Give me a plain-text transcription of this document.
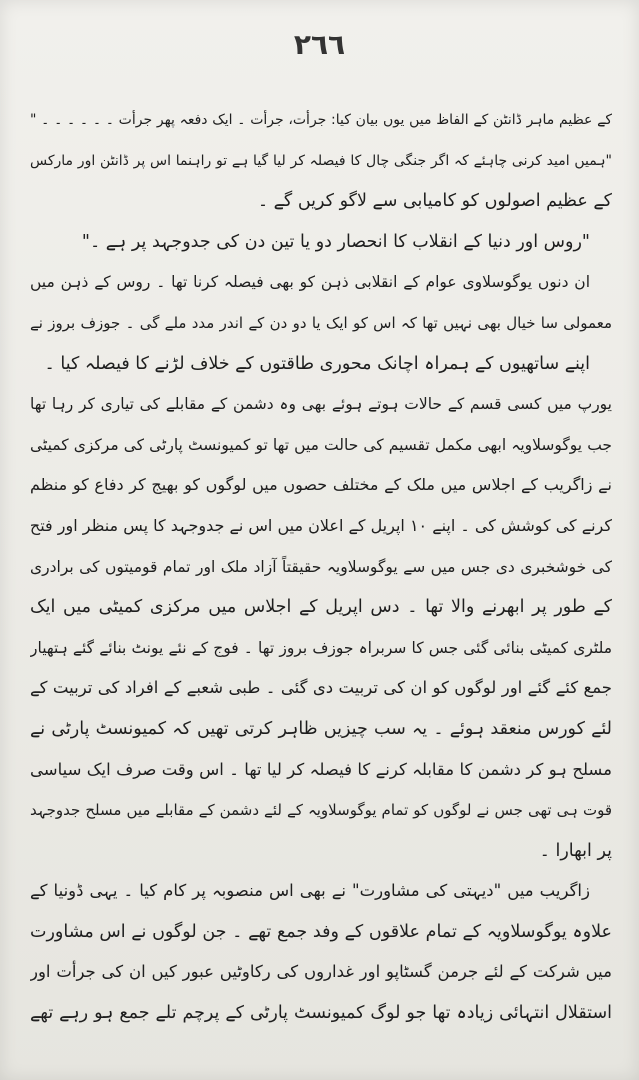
٢٦٦
کے عظیم ماہر ڈانٹن کے الفاظ میں یوں بیان کیا: جرأت، جرأت ۔ ایک دفعہ پھر جرأت ۔ ۔ ۔ ۔ ۔ ۔ "
"ہمیں امید کرنی چاہئے کہ اگر جنگی چال کا فیصلہ کر لیا گیا ہے تو راہنما اس پر ڈانٹن اور مارکس
کے عظیم اصولوں کو کامیابی سے لاگو کریں گے ۔
"روس اور دنیا کے انقلاب کا انحصار دو یا تین دن کی جدوجہد پر ہے ۔"
ان دنوں یوگوسلاوی عوام کے انقلابی ذہن کو بھی فیصلہ کرنا تھا ۔ روس کے ذہن میں
معمولی سا خیال بھی نہیں تھا کہ اس کو ایک یا دو دن کے اندر مدد ملے گی ۔ جوزف بروز نے
اپنے ساتھیوں کے ہمراہ اچانک محوری طاقتوں کے خلاف لڑنے کا فیصلہ کیا ۔
یورپ میں کسی قسم کے حالات ہوتے ہوئے بھی وہ دشمن کے مقابلے کی تیاری کر رہا تھا
جب یوگوسلاویہ ابھی مکمل تقسیم کی حالت میں تھا تو کمیونسٹ پارٹی کی مرکزی کمیٹی
نے زاگریب کے اجلاس میں ملک کے مختلف حصوں میں لوگوں کو بھیج کر دفاع کو منظم
کرنے کی کوشش کی ۔ اپنے ۱۰ اپریل کے اعلان میں اس نے جدوجہد کا پس منظر اور فتح
کی خوشخبری دی جس میں سے یوگوسلاویہ حقیقتاً آزاد ملک اور تمام قومیتوں کی برادری
کے طور پر ابھرنے والا تھا ۔ دس اپریل کے اجلاس میں مرکزی کمیٹی میں ایک
ملٹری کمیٹی بنائی گئی جس کا سربراہ جوزف بروز تھا ۔ فوج کے نئے یونٹ بنائے گئے ہتھیار
جمع کئے گئے اور لوگوں کو ان کی تربیت دی گئی ۔ طبی شعبے کے افراد کی تربیت کے
لئے کورس منعقد ہوئے ۔ یہ سب چیزیں ظاہر کرتی تھیں کہ کمیونسٹ پارٹی نے
مسلح ہو کر دشمن کا مقابلہ کرنے کا فیصلہ کر لیا تھا ۔ اس وقت صرف ایک سیاسی
قوت ہی تھی جس نے لوگوں کو تمام یوگوسلاویہ کے لئے دشمن کے مقابلے میں مسلح جدوجہد
پر ابھارا ۔
زاگریب میں "دیہتی کی مشاورت" نے بھی اس منصوبہ پر کام کیا ۔ یہی ڈونیا کے
علاوہ یوگوسلاویہ کے تمام علاقوں کے وفد جمع تھے ۔ جن لوگوں نے اس مشاورت
میں شرکت کے لئے جرمن گسٹاپو اور غداروں کی رکاوٹیں عبور کیں ان کی جرأت اور
استقلال انتہائی زیادہ تھا جو لوگ کمیونسٹ پارٹی کے پرچم تلے جمع ہو رہے تھے
